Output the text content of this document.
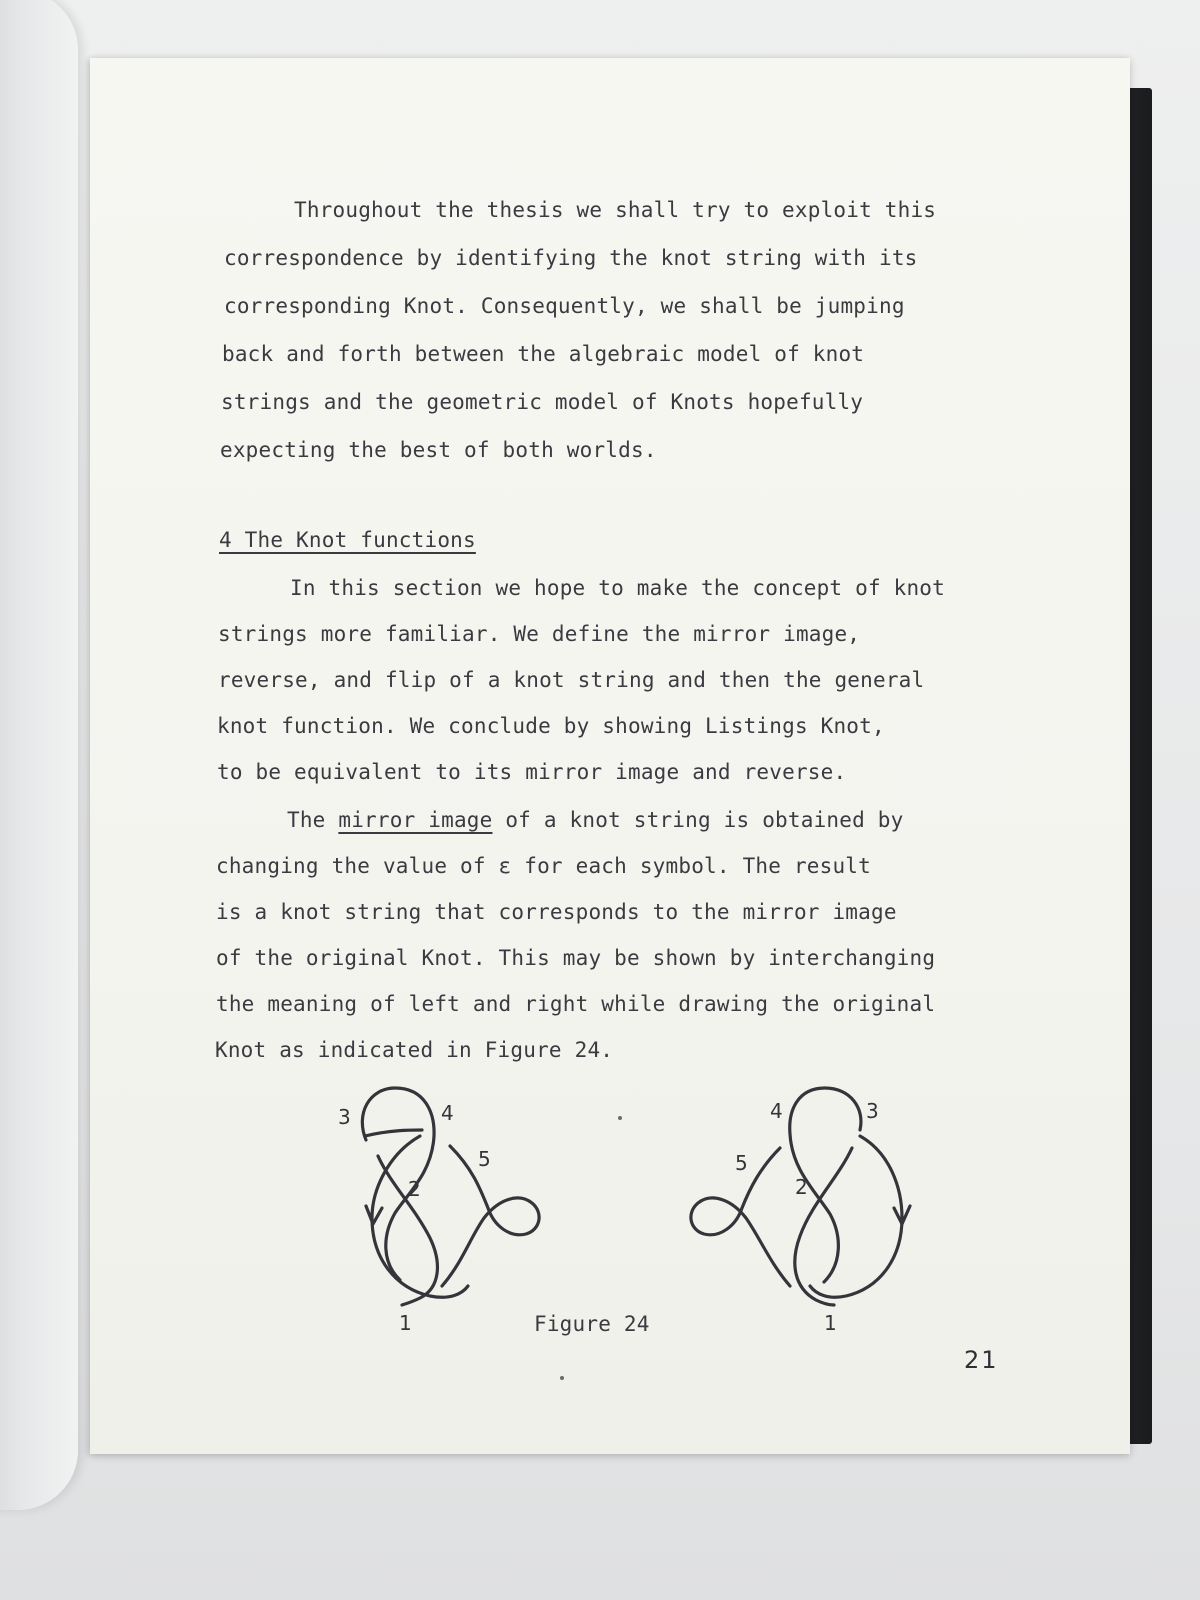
Throughout the thesis we shall try to exploit this

correspondence by identifying the knot string with its

corresponding Knot. Consequently, we shall be jumping

back and forth between the algebraic model of knot

strings and the geometric model of Knots hopefully

expecting the best of both worlds.

4 The Knot functions

In this section we hope to make the concept of knot

strings more familiar. We define the mirror image,

reverse, and flip of a knot string and then the general

knot function. We conclude by showing Listings Knot,

to be equivalent to its mirror image and reverse.

The mirror image of a knot string is obtained by

changing the value of ε for each symbol. The result

is a knot string that corresponds to the mirror image

of the original Knot. This may be shown by interchanging

the meaning of left and right while drawing the original

Knot as indicated in Figure 24.

3	4
2
5
1
4	3
5
2
1

Figure 24

21
